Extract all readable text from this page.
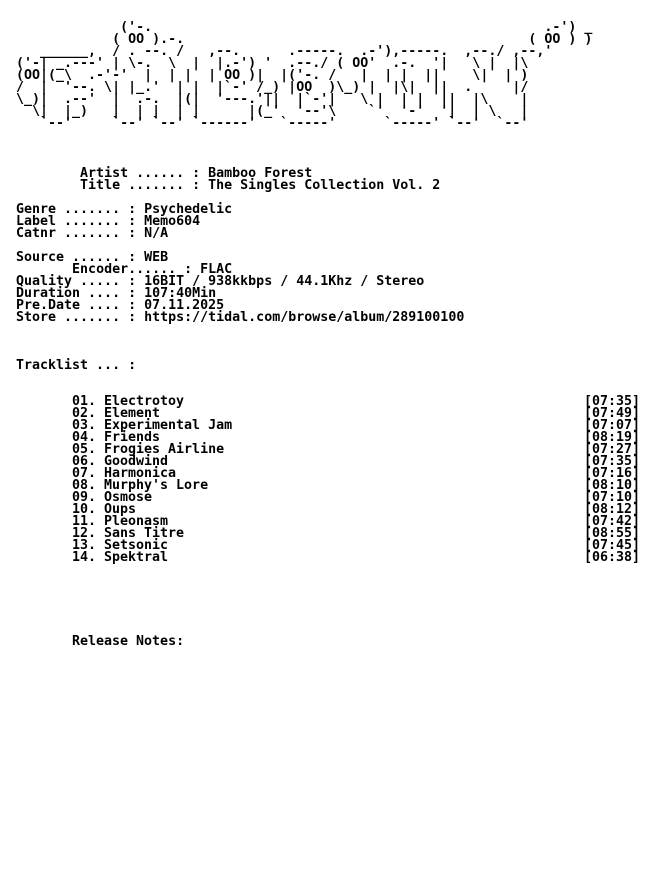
('-.                                                 .-') _
( OO ).-.                                           ( OO ) )
______,  / . --. /   ,--.      .-----.  .-'),-----.  ,--./ ,--,'
('-| _.---' | \-.  \  |  |.-') '  .--./ ( OO'  .-.  '|   \ |  |\
(OO|(_\  .-'-'  |  | |  | OO )|  |('-. /   |  | |  ||    \|  | )
/  |  '--. \| |_.'  | |  |`-' /_) |OO  )\_) |  |\|  ||  .     |/
\_)|  .--'  |  .-.  |(|  '---.'||  |`-'|   \ |  | |  ||  |\    |
\|  |_)   |  | |  | |      |(_'  '--'\    `'  '-'  '|  | \   |
`--'     `--' `--' `------'   `-----'      `-----' `--'  `--'
Artist ...... : Bamboo Forest
Title ....... : The Singles Collection Vol. 2

Genre ....... : Psychedelic
Label ....... : Memo604
Catnr ....... : N/A

Source ...... : WEB
Encoder...... : FLAC
Quality ..... : 16BIT / 938kkbps / 44.1Khz / Stereo
Duration .... : 107:40Min
Pre.Date .... : 07.11.2025
Store ....... : https://tidal.com/browse/album/289100100
Tracklist ... :
01. Electrotoy	[07:35]
02. Element	[07:49]
03. Experimental Jam	[07:07]
04. Friends	[08:19]
05. Frogies Airline	[07:27]
06. Goodwind	[07:35]
07. Harmonica	[07:16]
08. Murphy's Lore	[08:10]
09. Osmose	[07:10]
10. Oups	[08:12]
11. Pleonasm	[07:42]
12. Sans Titre	[08:55]
13. Setsonic	[07:45]
14. Spektral	[06:38]
Release Notes:
